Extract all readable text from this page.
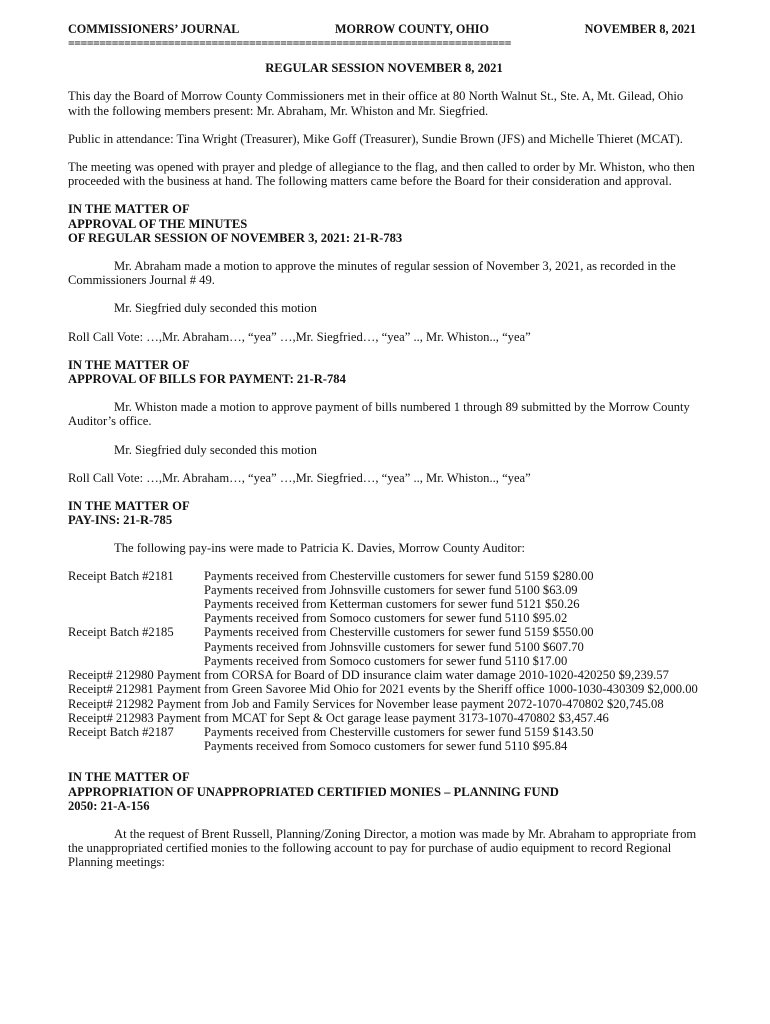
COMMISSIONERS’ JOURNAL	MORROW COUNTY, OHIO	NOVEMBER 8, 2021
=======================================================================
REGULAR SESSION NOVEMBER 8, 2021

This day the Board of Morrow County Commissioners met in their office at 80 North Walnut St., Ste. A, Mt. Gilead, Ohio with the following members present: Mr. Abraham, Mr. Whiston and Mr. Siegfried.

Public in attendance: Tina Wright (Treasurer), Mike Goff (Treasurer), Sundie Brown (JFS) and Michelle Thieret (MCAT).

The meeting was opened with prayer and pledge of allegiance to the flag, and then called to order by Mr. Whiston, who then proceeded with the business at hand. The following matters came before the Board for their consideration and approval.

IN THE MATTER OF
APPROVAL OF THE MINUTES
OF REGULAR SESSION OF NOVEMBER 3, 2021: 21-R-783

Mr. Abraham made a motion to approve the minutes of regular session of November 3, 2021, as recorded in the Commissioners Journal # 49.

Mr. Siegfried duly seconded this motion

Roll Call Vote: …,Mr. Abraham…, “yea” …,Mr. Siegfried…, “yea” .., Mr. Whiston.., “yea”

IN THE MATTER OF
APPROVAL OF BILLS FOR PAYMENT: 21-R-784

Mr. Whiston made a motion to approve payment of bills numbered 1 through 89 submitted by the Morrow County Auditor’s office.

Mr. Siegfried duly seconded this motion

Roll Call Vote: …,Mr. Abraham…, “yea” …,Mr. Siegfried…, “yea” .., Mr. Whiston.., “yea”

IN THE MATTER OF
PAY-INS: 21-R-785

The following pay-ins were made to Patricia K. Davies, Morrow County Auditor:

Receipt Batch #2181	Payments received from Chesterville customers for sewer fund 5159 $280.00
Payments received from Johnsville customers for sewer fund 5100 $63.09
Payments received from Ketterman customers for sewer fund 5121 $50.26
Payments received from Somoco customers for sewer fund 5110 $95.02
Receipt Batch #2185	Payments received from Chesterville customers for sewer fund 5159 $550.00
Payments received from Johnsville customers for sewer fund 5100 $607.70
Payments received from Somoco customers for sewer fund 5110 $17.00
Receipt# 212980 Payment from CORSA for Board of DD insurance claim water damage 2010-1020-420250 $9,239.57
Receipt# 212981 Payment from Green Savoree Mid Ohio for 2021 events by the Sheriff office 1000-1030-430309 $2,000.00
Receipt# 212982 Payment from Job and Family Services for November lease payment 2072-1070-470802 $20,745.08
Receipt# 212983 Payment from MCAT for Sept & Oct garage lease payment 3173-1070-470802 $3,457.46
Receipt Batch #2187	Payments received from Chesterville customers for sewer fund 5159 $143.50
Payments received from Somoco customers for sewer fund 5110 $95.84
IN THE MATTER OF
APPROPRIATION OF UNAPPROPRIATED CERTIFIED MONIES – PLANNING FUND
2050: 21-A-156

At the request of Brent Russell, Planning/Zoning Director, a motion was made by Mr. Abraham to appropriate from the unappropriated certified monies to the following account to pay for purchase of audio equipment to record Regional Planning meetings:
